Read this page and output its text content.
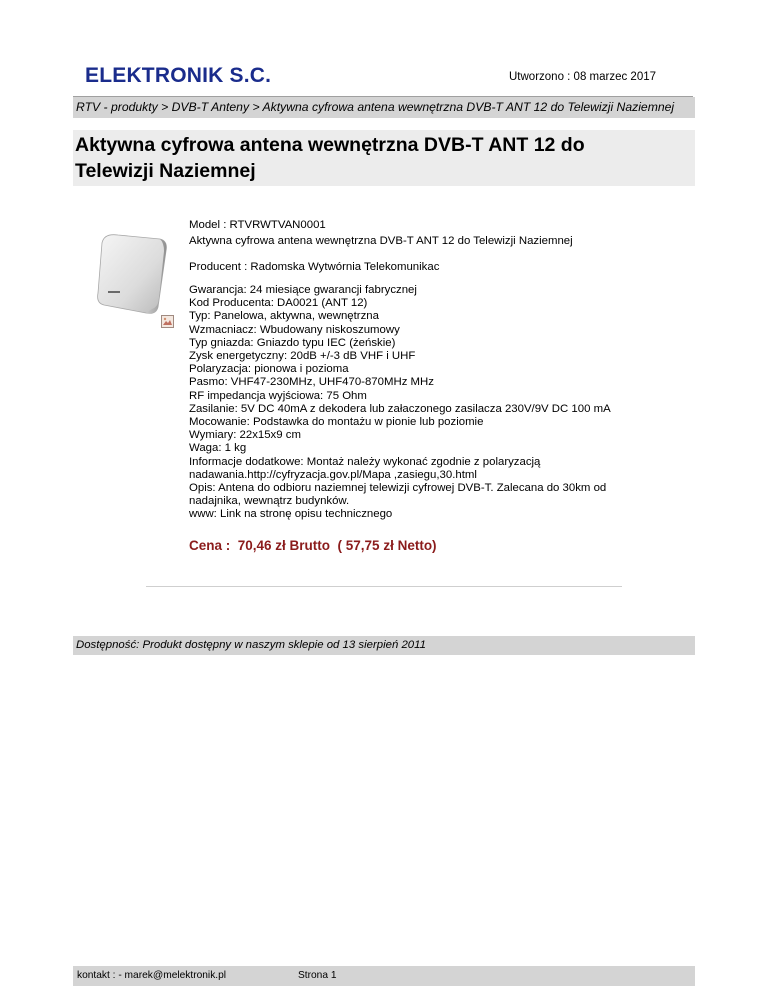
ELEKTRONIK S.C.	Utworzono : 08 marzec 2017
RTV - produkty > DVB-T Anteny > Aktywna cyfrowa antena wewnętrzna DVB-T ANT 12 do Telewizji Naziemnej
Aktywna cyfrowa antena wewnętrzna DVB-T ANT 12 do
Telewizji Naziemnej
Model : RTVRWTVAN0001
Aktywna cyfrowa antena wewnętrzna DVB-T ANT 12 do Telewizji Naziemnej
Producent : Radomska Wytwórnia Telekomunikac
Gwarancja: 24 miesiące gwarancji fabrycznej
Kod Producenta: DA0021 (ANT 12)
Typ: Panelowa, aktywna, wewnętrzna
Wzmacniacz: Wbudowany niskoszumowy
Typ gniazda: Gniazdo typu IEC (żeńskie)
Zysk energetyczny: 20dB +/-3 dB VHF i UHF
Polaryzacja: pionowa i pozioma
Pasmo: VHF47-230MHz, UHF470-870MHz MHz
RF impedancja wyjściowa: 75 Ohm
Zasilanie: 5V DC 40mA z dekodera lub załaczonego zasilacza 230V/9V DC 100 mA
Mocowanie: Podstawka do montażu w pionie lub poziomie
Wymiary: 22x15x9 cm
Waga: 1 kg
Informacje dodatkowe: Montaż należy wykonać zgodnie z polaryzacją
nadawania.http://cyfryzacja.gov.pl/Mapa ,zasiegu,30.html
Opis: Antena do odbioru naziemnej telewizji cyfrowej DVB-T. Zalecana do 30km od
nadajnika, wewnątrz budynków.
www: Link na stronę opisu technicznego
Cena :  70,46 zł Brutto  ( 57,75 zł Netto)
Dostępność: Produkt dostępny w naszym sklepie od 13 sierpień 2011
kontakt : - marek@melektronik.pl	Strona 1
